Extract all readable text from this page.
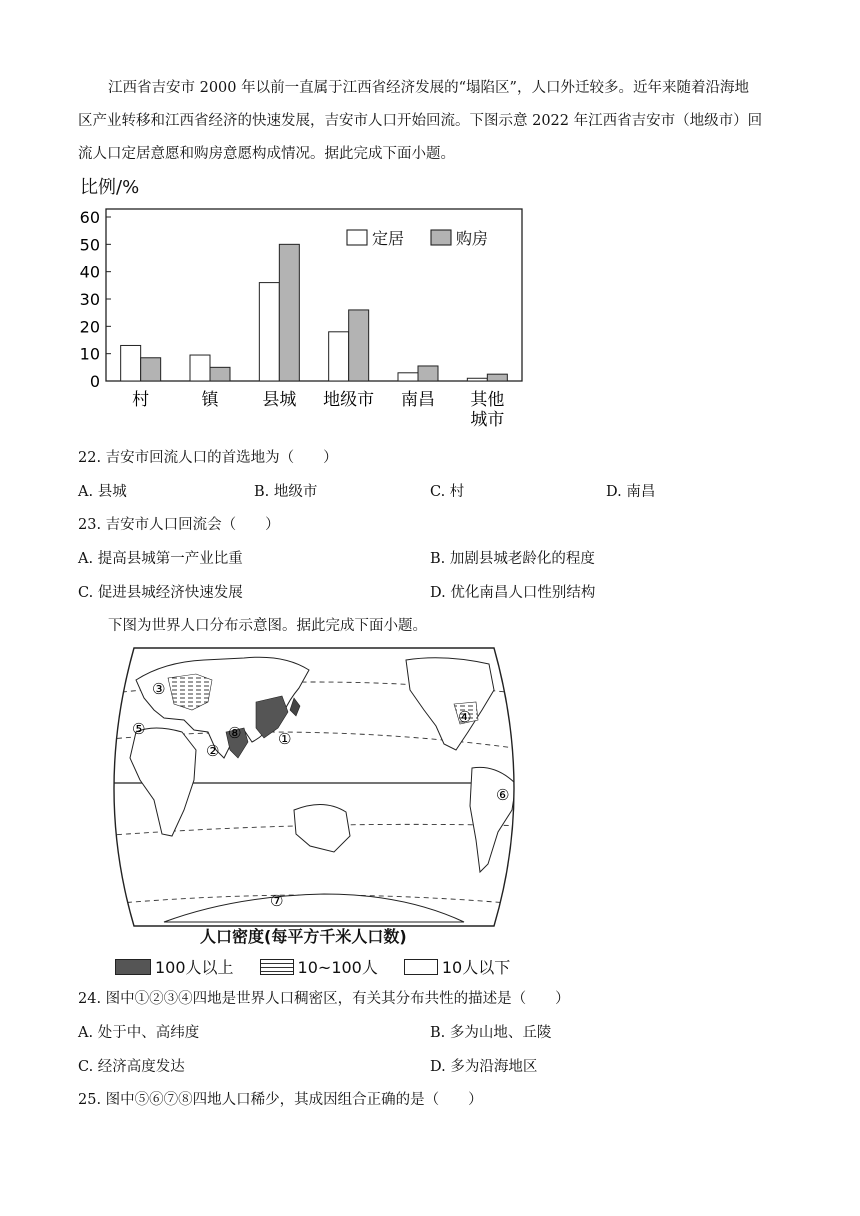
江西省吉安市 2000 年以前一直属于江西省经济发展的“塌陷区”，人口外迁较多。近年来随着沿海地
区产业转移和江西省经济的快速发展，吉安市人口开始回流。下图示意 2022 年江西省吉安市（地级市）回
流人口定居意愿和购房意愿构成情况。据此完成下面小题。
比例/%
0
10
20
30
40
50
60
村	镇	县城 地级市 南昌 其他
城市
定居	购房
22. 吉安市回流人口的首选地为（　　）
A. 县城	B. 地级市	C. 村	D. 南昌
23. 吉安市人口回流会（　　）
A. 提高县城第一产业比重	B. 加剧县城老龄化的程度
C. 促进县城经济快速发展	D. 优化南昌人口性别结构
下图为世界人口分布示意图。据此完成下面小题。
①
②
③
④
⑤
⑥
⑦
⑧
人口密度(每平方千米人口数)
100人以上	10~100人	10人以下
24. 图中①②③④四地是世界人口稠密区，有关其分布共性的描述是（　　）
A. 处于中、高纬度	B. 多为山地、丘陵
C. 经济高度发达	D. 多为沿海地区
25. 图中⑤⑥⑦⑧四地人口稀少，其成因组合正确的是（　　）
